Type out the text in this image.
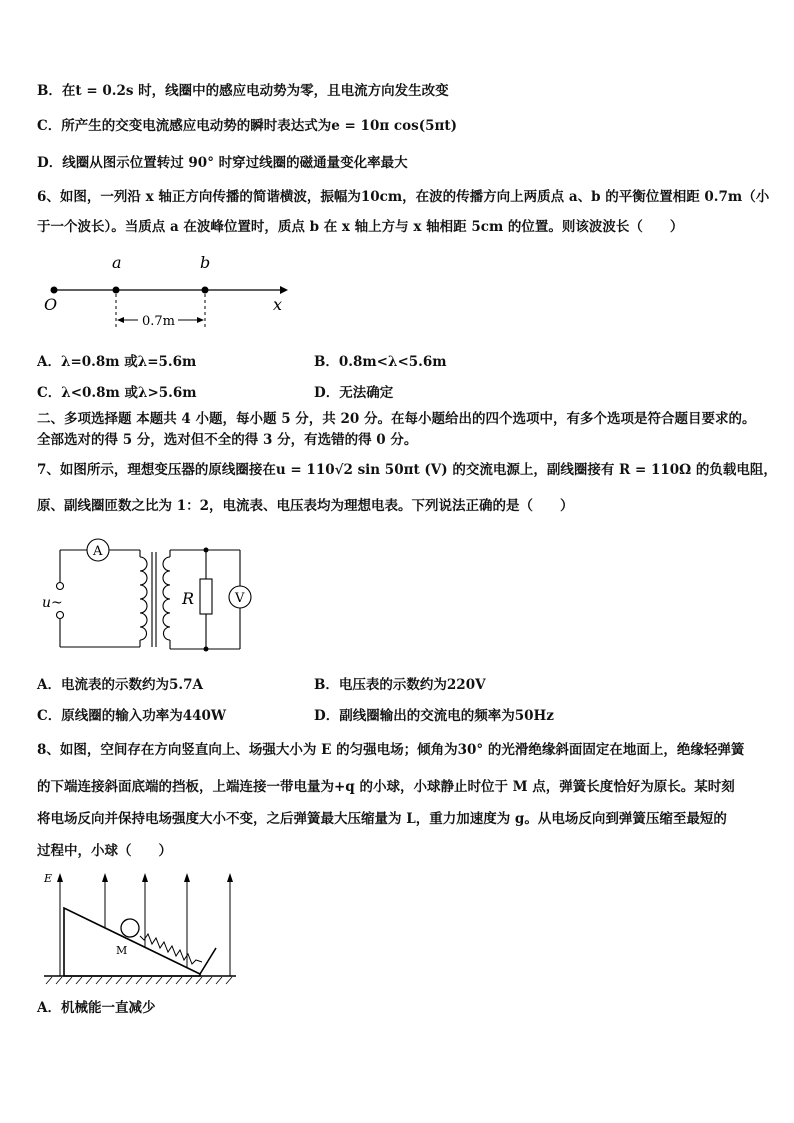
B．在t = 0.2s 时，线圈中的感应电动势为零，且电流方向发生改变
C．所产生的交变电流感应电动势的瞬时表达式为e = 10π cos(5πt)
D．线圈从图示位置转过 90° 时穿过线圈的磁通量变化率最大
6、如图，一列沿 x 轴正方向传播的简谐横波，振幅为10cm，在波的传播方向上两质点 a、b 的平衡位置相距 0.7m（小
于一个波长）。当质点 a 在波峰位置时，质点 b 在 x 轴上方与 x 轴相距 5cm 的位置。则该波波长（　　）
O
a	b
x
0.7m
A．λ=0.8m 或λ=5.6m	B．0.8m<λ<5.6m
C．λ<0.8m 或λ>5.6m	D．无法确定
二、多项选择题 本题共 4 小题，每小题 5 分，共 20 分。在每小题给出的四个选项中，有多个选项是符合题目要求的。
全部选对的得 5 分，选对但不全的得 3 分，有选错的得 0 分。
7、如图所示，理想变压器的原线圈接在u = 110√2 sin 50πt (V) 的交流电源上，副线圈接有 R = 110Ω 的负载电阻，
原、副线圈匝数之比为 1：2，电流表、电压表均为理想电表。下列说法正确的是（　　）
A
V
R
u~
A．电流表的示数约为5.7A	B．电压表的示数约为220V
C．原线圈的输入功率为440W	D．副线圈输出的交流电的频率为50Hz
8、如图，空间存在方向竖直向上、场强大小为 E 的匀强电场；倾角为30° 的光滑绝缘斜面固定在地面上，绝缘轻弹簧
的下端连接斜面底端的挡板，上端连接一带电量为+q 的小球，小球静止时位于 M 点，弹簧长度恰好为原长。某时刻
将电场反向并保持电场强度大小不变，之后弹簧最大压缩量为 L，重力加速度为 g。从电场反向到弹簧压缩至最短的
过程中，小球（　　）
E
M
A．机械能一直减少
